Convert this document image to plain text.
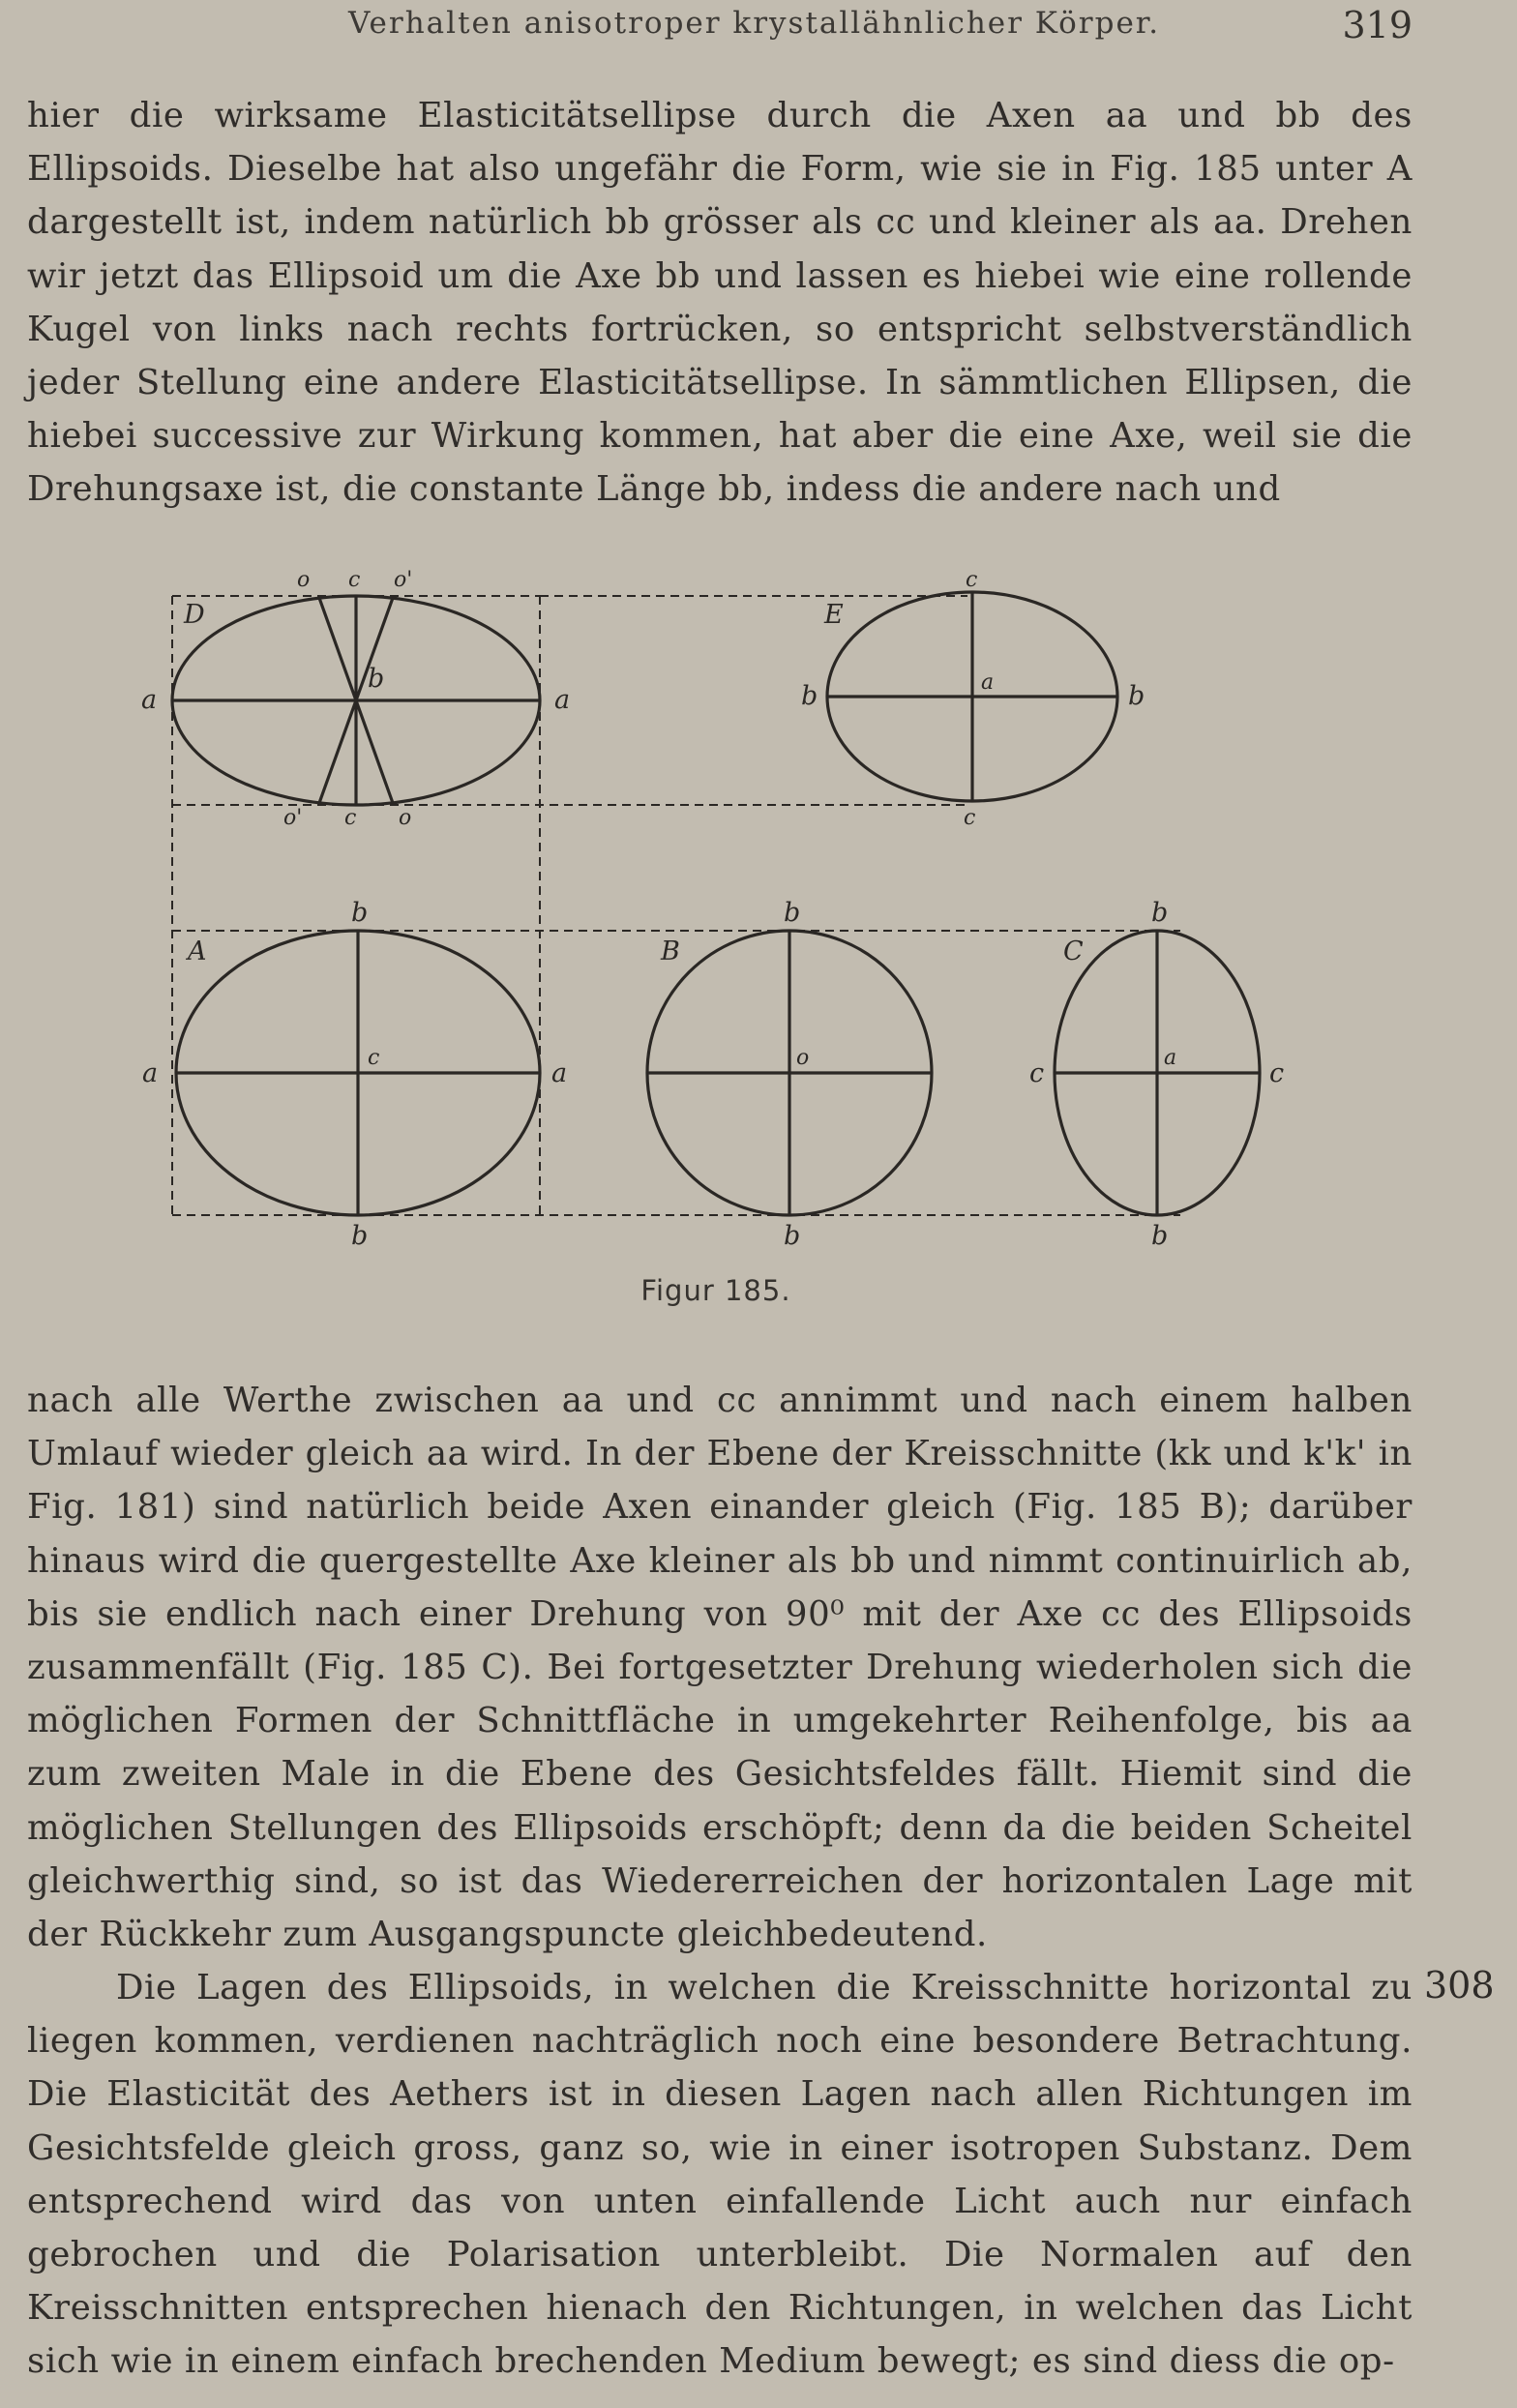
Verhalten anisotroper krystallähnlicher Körper.	319

hier die wirksame Elasticitätsellipse durch die Axen aa und bb des Ellipsoids. Dieselbe hat also ungefähr die Form, wie sie in Fig. 185 unter A dargestellt ist, indem natürlich bb grösser als cc und kleiner als aa. Drehen wir jetzt das Ellipsoid um die Axe bb und lassen es hiebei wie eine rollende Kugel von links nach rechts fortrücken, so entspricht selbstverständlich jeder Stellung eine andere Elasticitätsellipse. In sämmtlichen Ellipsen, die hiebei successive zur Wirkung kommen, hat aber die eine Axe, weil sie die Drehungsaxe ist, die constante Länge bb, indess die andere nach und

D
o c o'
a	a
b
o' c o
E
c
b	b
a
c
A
b
a	a
c
b
B
b
o
b
C
b
c	c
a
b
Figur 185.

nach alle Werthe zwischen aa und cc annimmt und nach einem halben Umlauf wieder gleich aa wird. In der Ebene der Kreisschnitte (kk und k'k' in Fig. 181) sind natürlich beide Axen einander gleich (Fig. 185 B); darüber hinaus wird die quergestellte Axe kleiner als bb und nimmt continuirlich ab, bis sie endlich nach einer Drehung von 90⁰ mit der Axe cc des Ellipsoids zusammenfällt (Fig. 185 C). Bei fortgesetzter Drehung wiederholen sich die möglichen Formen der Schnittfläche in umgekehrter Reihenfolge, bis aa zum zweiten Male in die Ebene des Gesichtsfeldes fällt. Hiemit sind die möglichen Stellungen des Ellipsoids erschöpft; denn da die beiden Scheitel gleichwerthig sind, so ist das Wiedererreichen der horizontalen Lage mit der Rückkehr zum Ausgangspuncte gleichbedeutend.

Die Lagen des Ellipsoids, in welchen die Kreisschnitte horizontal zu liegen kommen, verdienen nachträglich noch eine besondere Betrachtung. Die Elasticität des Aethers ist in diesen Lagen nach allen Richtungen im Gesichtsfelde gleich gross, ganz so, wie in einer isotropen Substanz. Dem entsprechend wird das von unten einfallende Licht auch nur einfach gebrochen und die Polarisation unterbleibt. Die Normalen auf den Kreisschnitten entsprechen hienach den Richtungen, in welchen das Licht sich wie in einem einfach brechenden Medium bewegt; es sind diess die op-

308
